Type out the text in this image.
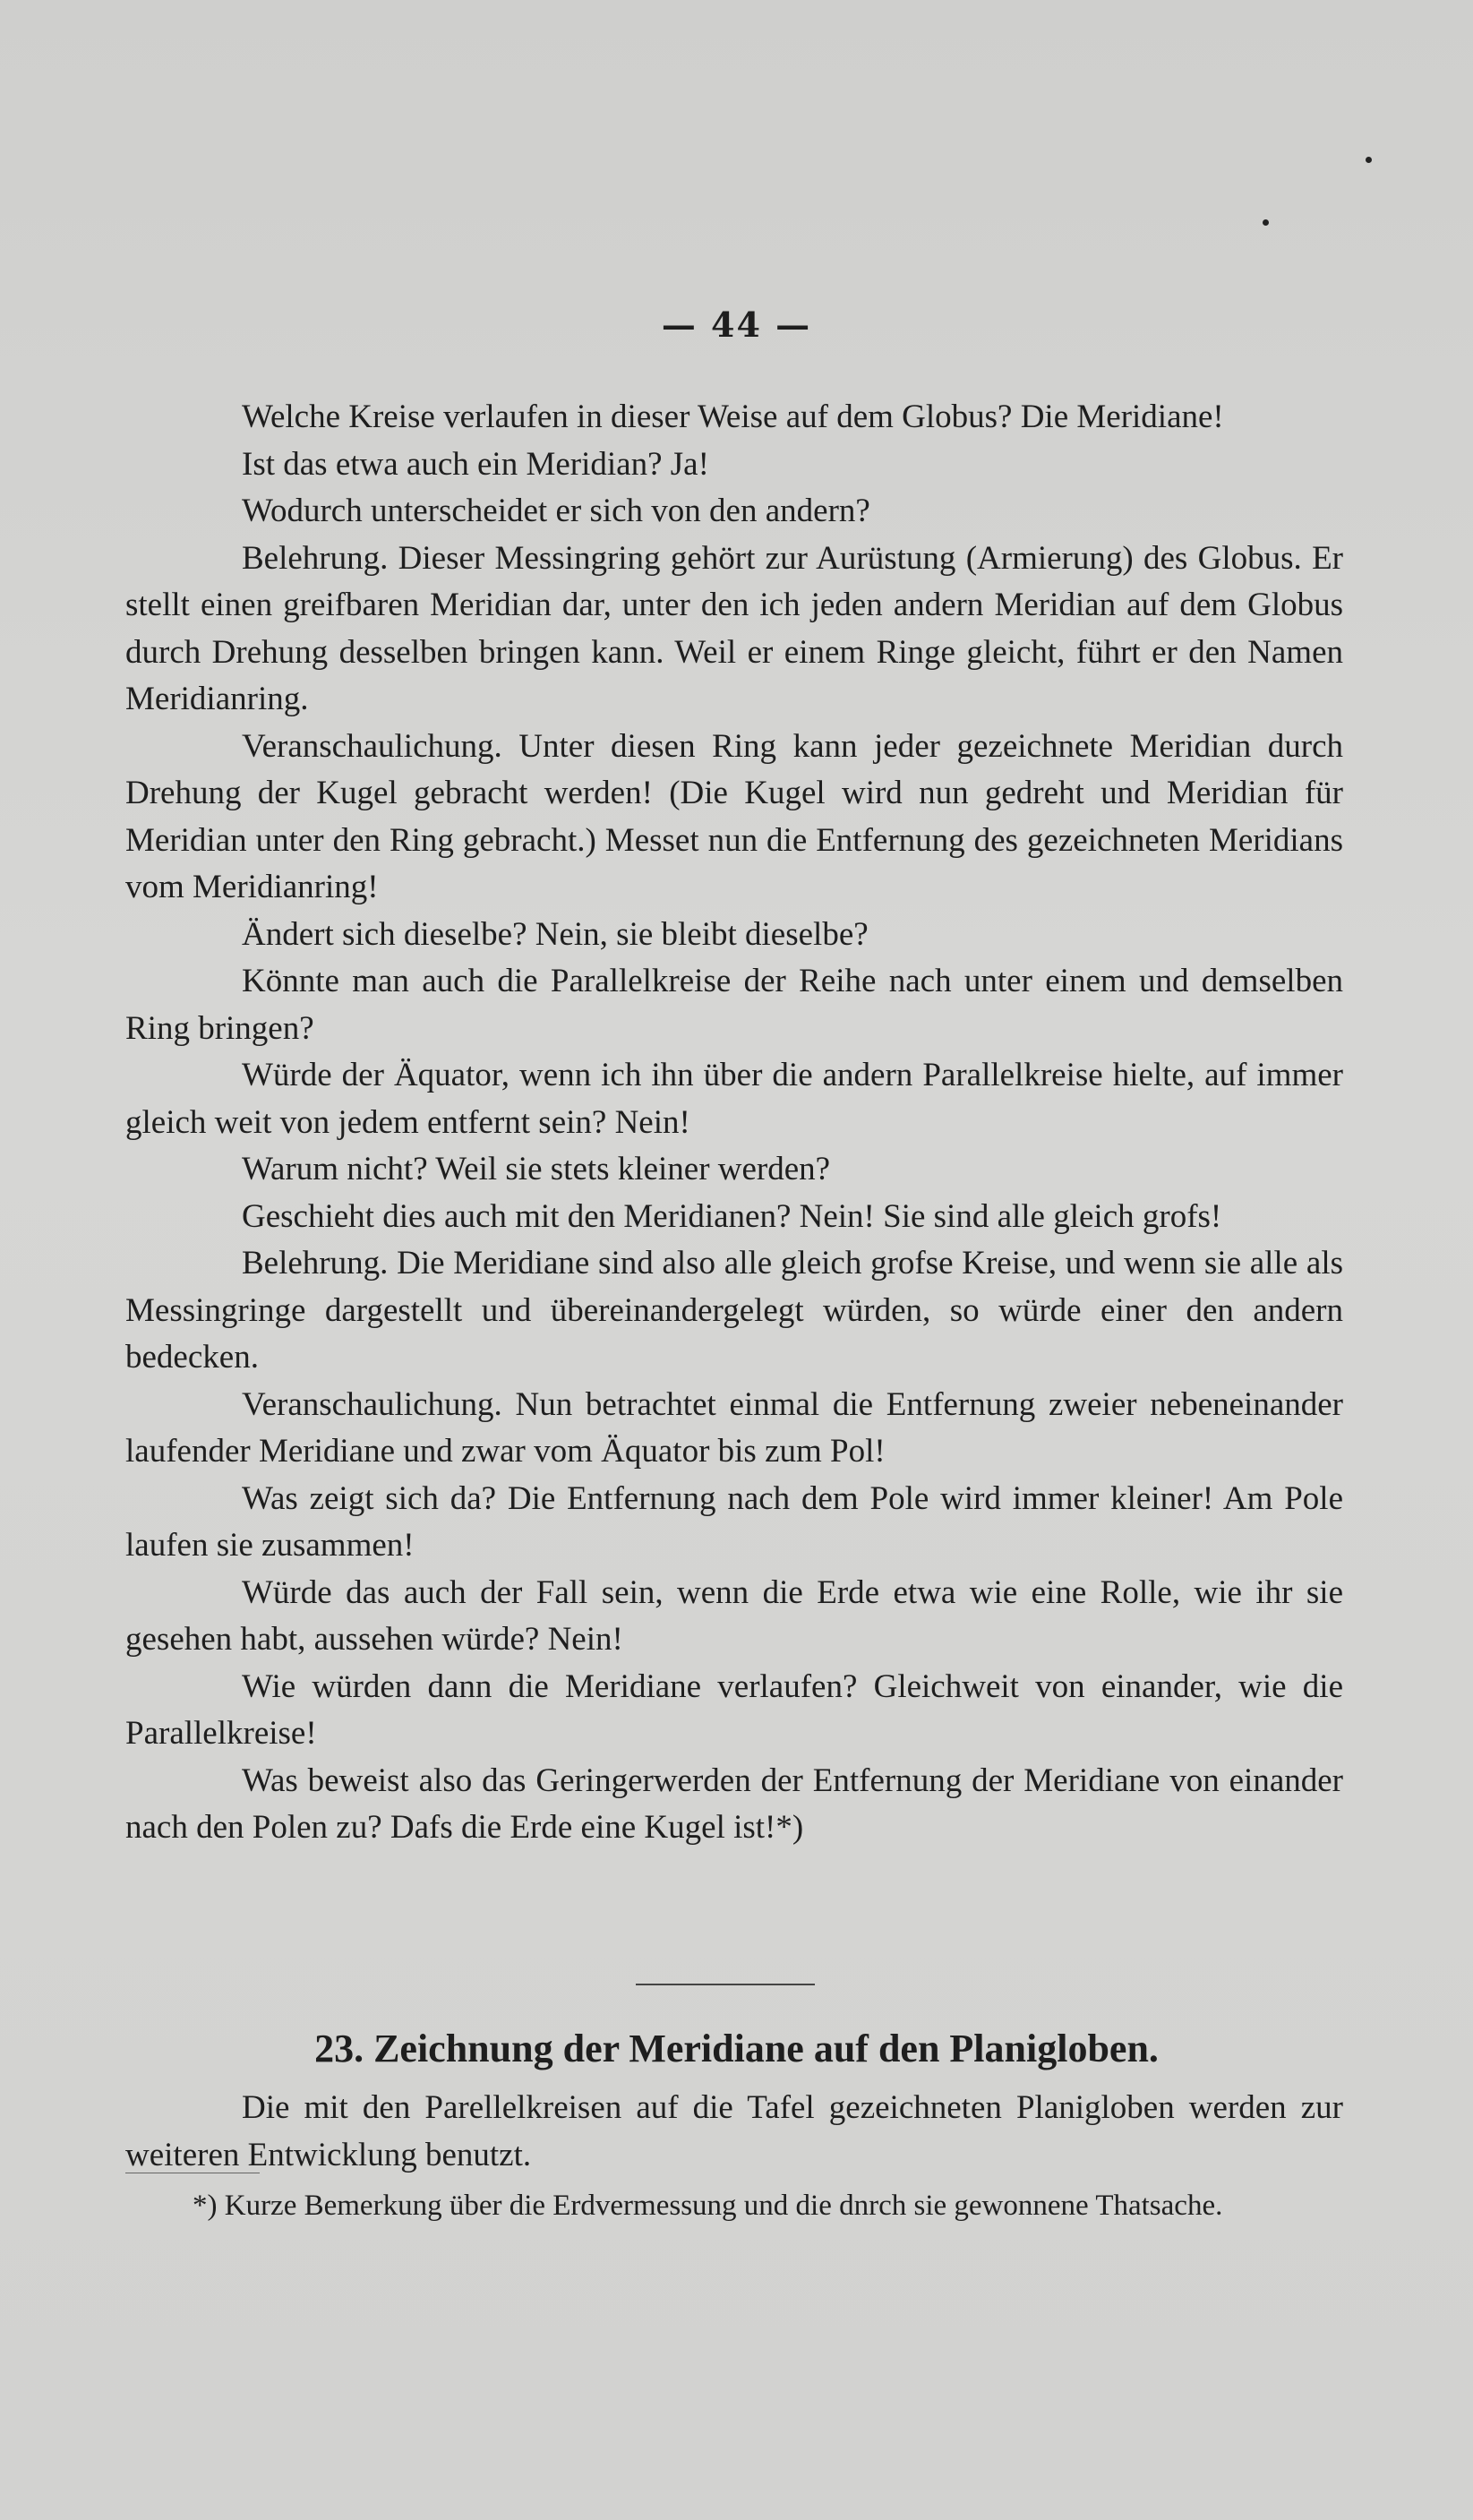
— 44 —

Welche Kreise verlaufen in dieser Weise auf dem Globus? Die Meridiane!

Ist das etwa auch ein Meridian? Ja!

Wodurch unterscheidet er sich von den andern?

Belehrung. Dieser Messingring gehört zur Aurüstung (Armierung) des Globus. Er stellt einen greifbaren Meridian dar, unter den ich jeden andern Meridian auf dem Globus durch Drehung desselben bringen kann. Weil er einem Ringe gleicht, führt er den Namen Meridianring.

Veranschaulichung. Unter diesen Ring kann jeder gezeichnete Meridian durch Drehung der Kugel gebracht werden! (Die Kugel wird nun gedreht und Meridian für Meridian unter den Ring gebracht.) Messet nun die Entfernung des gezeichneten Meridians vom Meridianring!

Ändert sich dieselbe? Nein, sie bleibt dieselbe?

Könnte man auch die Parallelkreise der Reihe nach unter einem und demselben Ring bringen?

Würde der Äquator, wenn ich ihn über die andern Parallelkreise hielte, auf immer gleich weit von jedem entfernt sein? Nein!

Warum nicht? Weil sie stets kleiner werden?

Geschieht dies auch mit den Meridianen? Nein! Sie sind alle gleich grofs!

Belehrung. Die Meridiane sind also alle gleich grofse Kreise, und wenn sie alle als Messingringe dargestellt und übereinandergelegt würden, so würde einer den andern bedecken.

Veranschaulichung. Nun betrachtet einmal die Entfernung zweier nebeneinander laufender Meridiane und zwar vom Äquator bis zum Pol!

Was zeigt sich da? Die Entfernung nach dem Pole wird immer kleiner! Am Pole laufen sie zusammen!

Würde das auch der Fall sein, wenn die Erde etwa wie eine Rolle, wie ihr sie gesehen habt, aussehen würde? Nein!

Wie würden dann die Meridiane verlaufen? Gleichweit von einander, wie die Parallelkreise!

Was beweist also das Geringerwerden der Entfernung der Meridiane von einander nach den Polen zu? Dafs die Erde eine Kugel ist!*)

23. Zeichnung der Meridiane auf den Planigloben.

Die mit den Parellelkreisen auf die Tafel gezeichneten Planigloben werden zur weiteren Entwicklung benutzt.

*) Kurze Bemerkung über die Erdvermessung und die dnrch sie gewonnene Thatsache.
